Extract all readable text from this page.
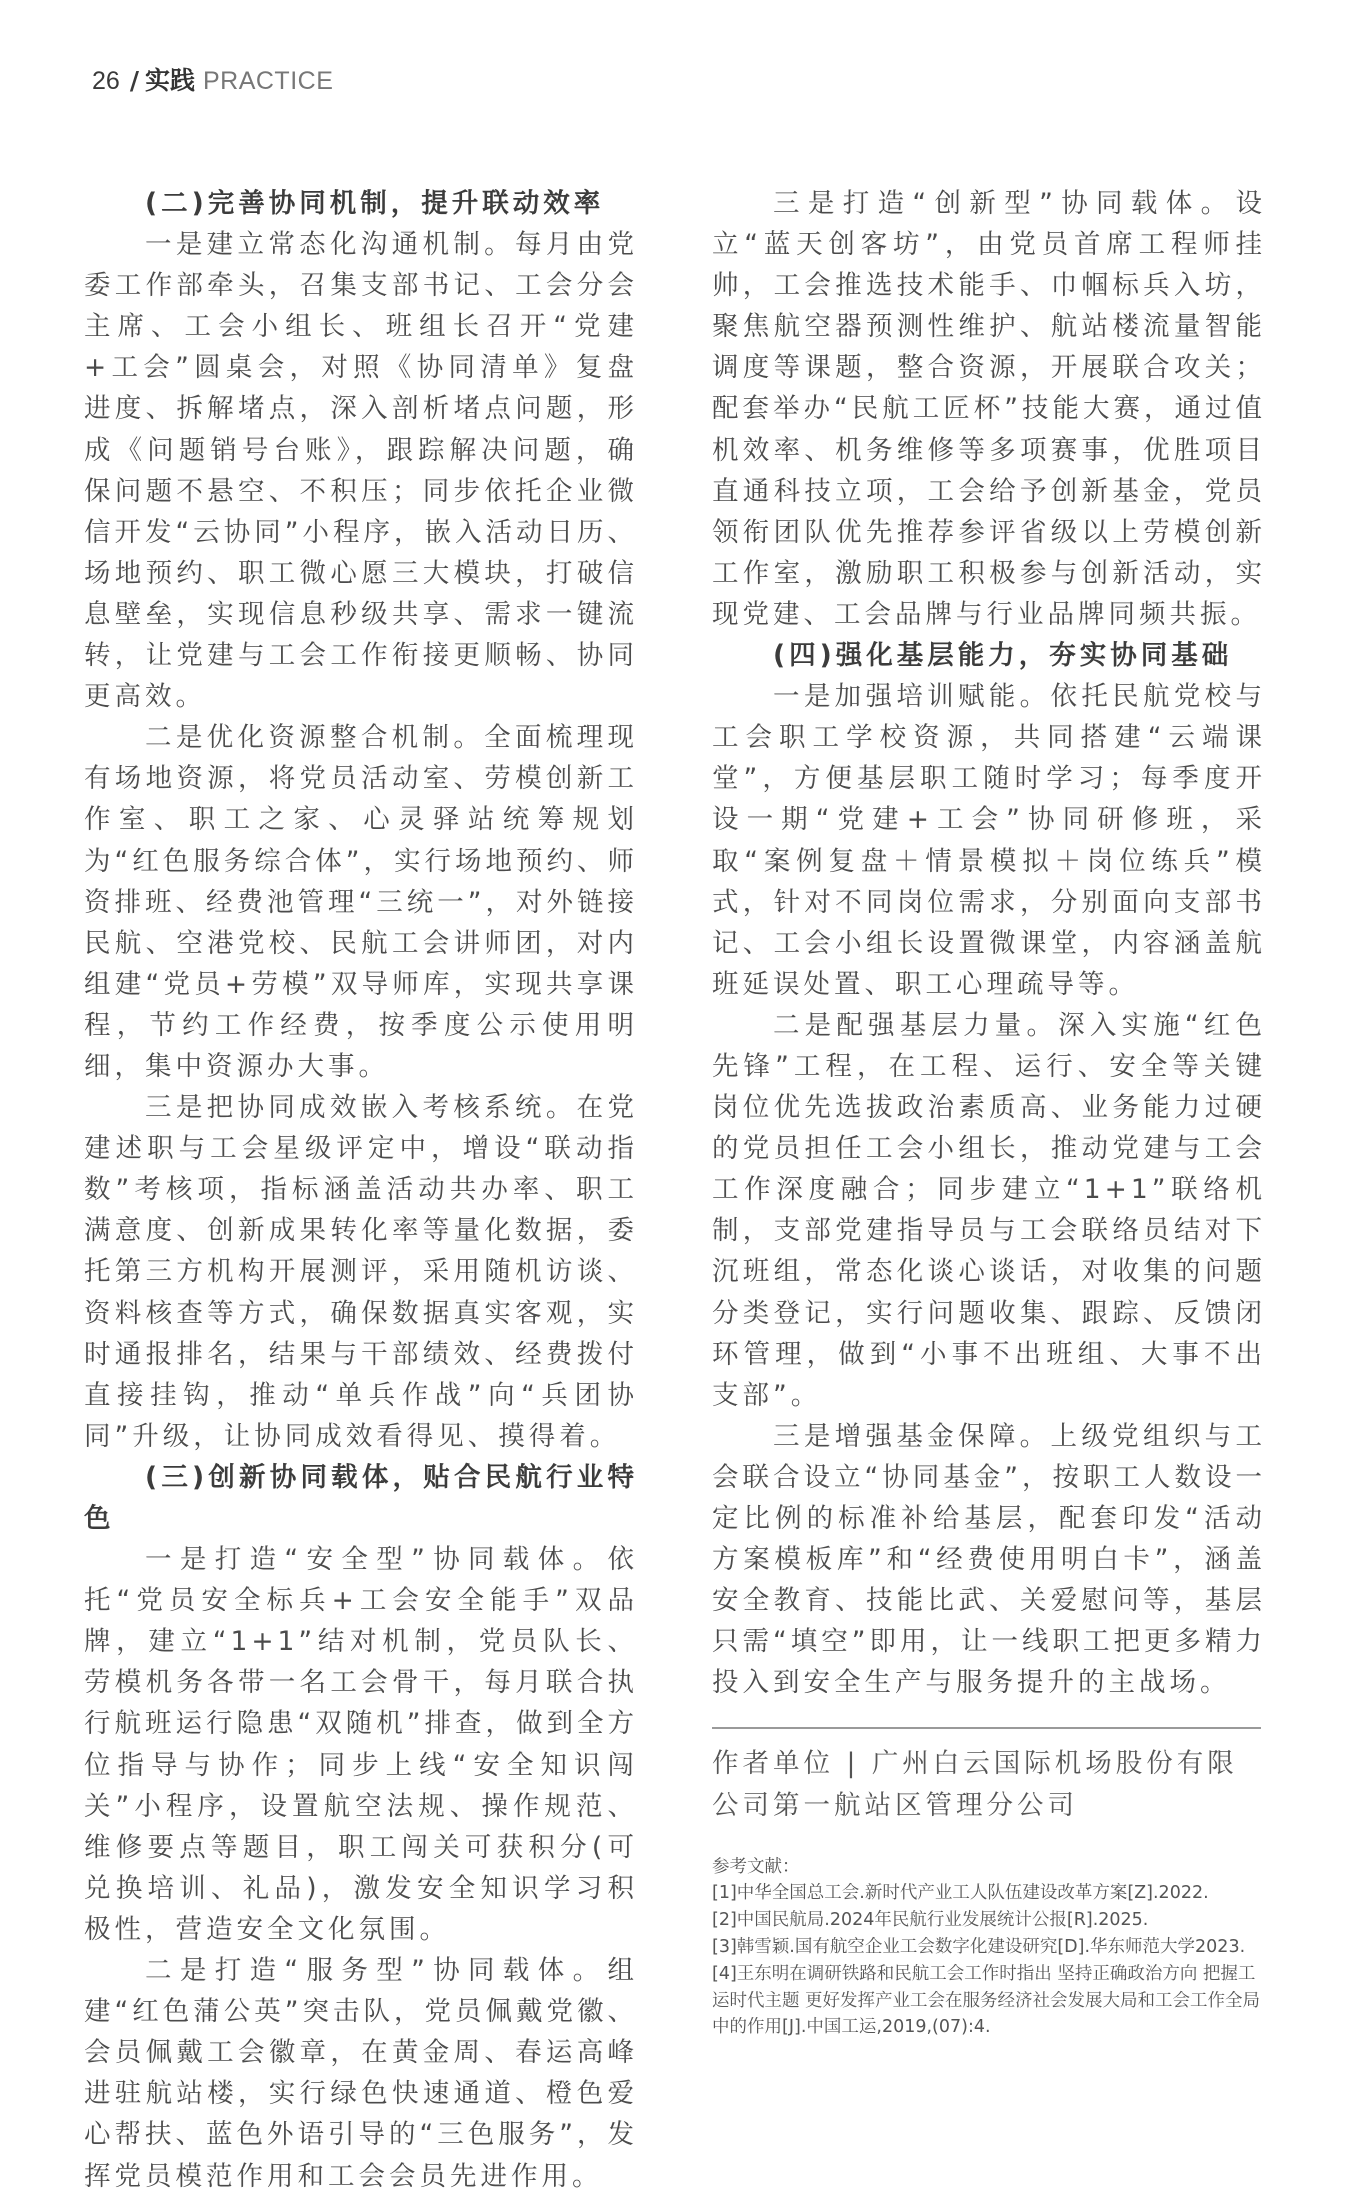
26 / 实践 PRACTICE

(二)完善协同机制，提升联动效率

一是建立常态化沟通机制。每月由党委工作部牵头，召集支部书记、工会分会主席、工会小组长、班组长召开“党建+工会”圆桌会，对照《协同清单》复盘进度、拆解堵点，深入剖析堵点问题，形成《问题销号台账》，跟踪解决问题，确保问题不悬空、不积压；同步依托企业微信开发“云协同”小程序，嵌入活动日历、场地预约、职工微心愿三大模块，打破信息壁垒，实现信息秒级共享、需求一键流转，让党建与工会工作衔接更顺畅、协同更高效。

二是优化资源整合机制。全面梳理现有场地资源，将党员活动室、劳模创新工作室、职工之家、心灵驿站统筹规划为“红色服务综合体”，实行场地预约、师资排班、经费池管理“三统一”，对外链接民航、空港党校、民航工会讲师团，对内组建“党员+劳模”双导师库，实现共享课程，节约工作经费，按季度公示使用明细，集中资源办大事。

三是把协同成效嵌入考核系统。在党建述职与工会星级评定中，增设“联动指数”考核项，指标涵盖活动共办率、职工满意度、创新成果转化率等量化数据，委托第三方机构开展测评，采用随机访谈、资料核查等方式，确保数据真实客观，实时通报排名，结果与干部绩效、经费拨付直接挂钩，推动“单兵作战”向“兵团协同”升级，让协同成效看得见、摸得着。

(三)创新协同载体，贴合民航行业特色

一是打造“安全型”协同载体。依托“党员安全标兵+工会安全能手”双品牌，建立“1+1”结对机制，党员队长、劳模机务各带一名工会骨干，每月联合执行航班运行隐患“双随机”排查，做到全方位指导与协作；同步上线“安全知识闯关”小程序，设置航空法规、操作规范、维修要点等题目，职工闯关可获积分(可兑换培训、礼品)，激发安全知识学习积极性，营造安全文化氛围。

二是打造“服务型”协同载体。组建“红色蒲公英”突击队，党员佩戴党徽、会员佩戴工会徽章，在黄金周、春运高峰进驻航站楼，实行绿色快速通道、橙色爱心帮扶、蓝色外语引导的“三色服务”，发挥党员模范作用和工会会员先进作用。

三是打造“创新型”协同载体。设立“蓝天创客坊”，由党员首席工程师挂帅，工会推选技术能手、巾帼标兵入坊，聚焦航空器预测性维护、航站楼流量智能调度等课题，整合资源，开展联合攻关；配套举办“民航工匠杯”技能大赛，通过值机效率、机务维修等多项赛事，优胜项目直通科技立项，工会给予创新基金，党员领衔团队优先推荐参评省级以上劳模创新工作室，激励职工积极参与创新活动，实现党建、工会品牌与行业品牌同频共振。

(四)强化基层能力，夯实协同基础

一是加强培训赋能。依托民航党校与工会职工学校资源，共同搭建“云端课堂”，方便基层职工随时学习；每季度开设一期“党建+工会”协同研修班，采取“案例复盘＋情景模拟＋岗位练兵”模式，针对不同岗位需求，分别面向支部书记、工会小组长设置微课堂，内容涵盖航班延误处置、职工心理疏导等。

二是配强基层力量。深入实施“红色先锋”工程，在工程、运行、安全等关键岗位优先选拔政治素质高、业务能力过硬的党员担任工会小组长，推动党建与工会工作深度融合；同步建立“1+1”联络机制，支部党建指导员与工会联络员结对下沉班组，常态化谈心谈话，对收集的问题分类登记，实行问题收集、跟踪、反馈闭环管理，做到“小事不出班组、大事不出支部”。

三是增强基金保障。上级党组织与工会联合设立“协同基金”，按职工人数设一定比例的标准补给基层，配套印发“活动方案模板库”和“经费使用明白卡”，涵盖安全教育、技能比武、关爱慰问等，基层只需“填空”即用，让一线职工把更多精力投入到安全生产与服务提升的主战场。

作者单位 | 广州白云国际机场股份有限公司第一航站区管理分公司
参考文献：
[1]中华全国总工会.新时代产业工人队伍建设改革方案[Z].2022.
[2]中国民航局.2024年民航行业发展统计公报[R].2025.
[3]韩雪颖.国有航空企业工会数字化建设研究[D].华东师范大学2023.
[4]王东明在调研铁路和民航工会工作时指出 坚持正确政治方向 把握工运时代主题 更好发挥产业工会在服务经济社会发展大局和工会工作全局中的作用[J].中国工运,2019,(07):4.
